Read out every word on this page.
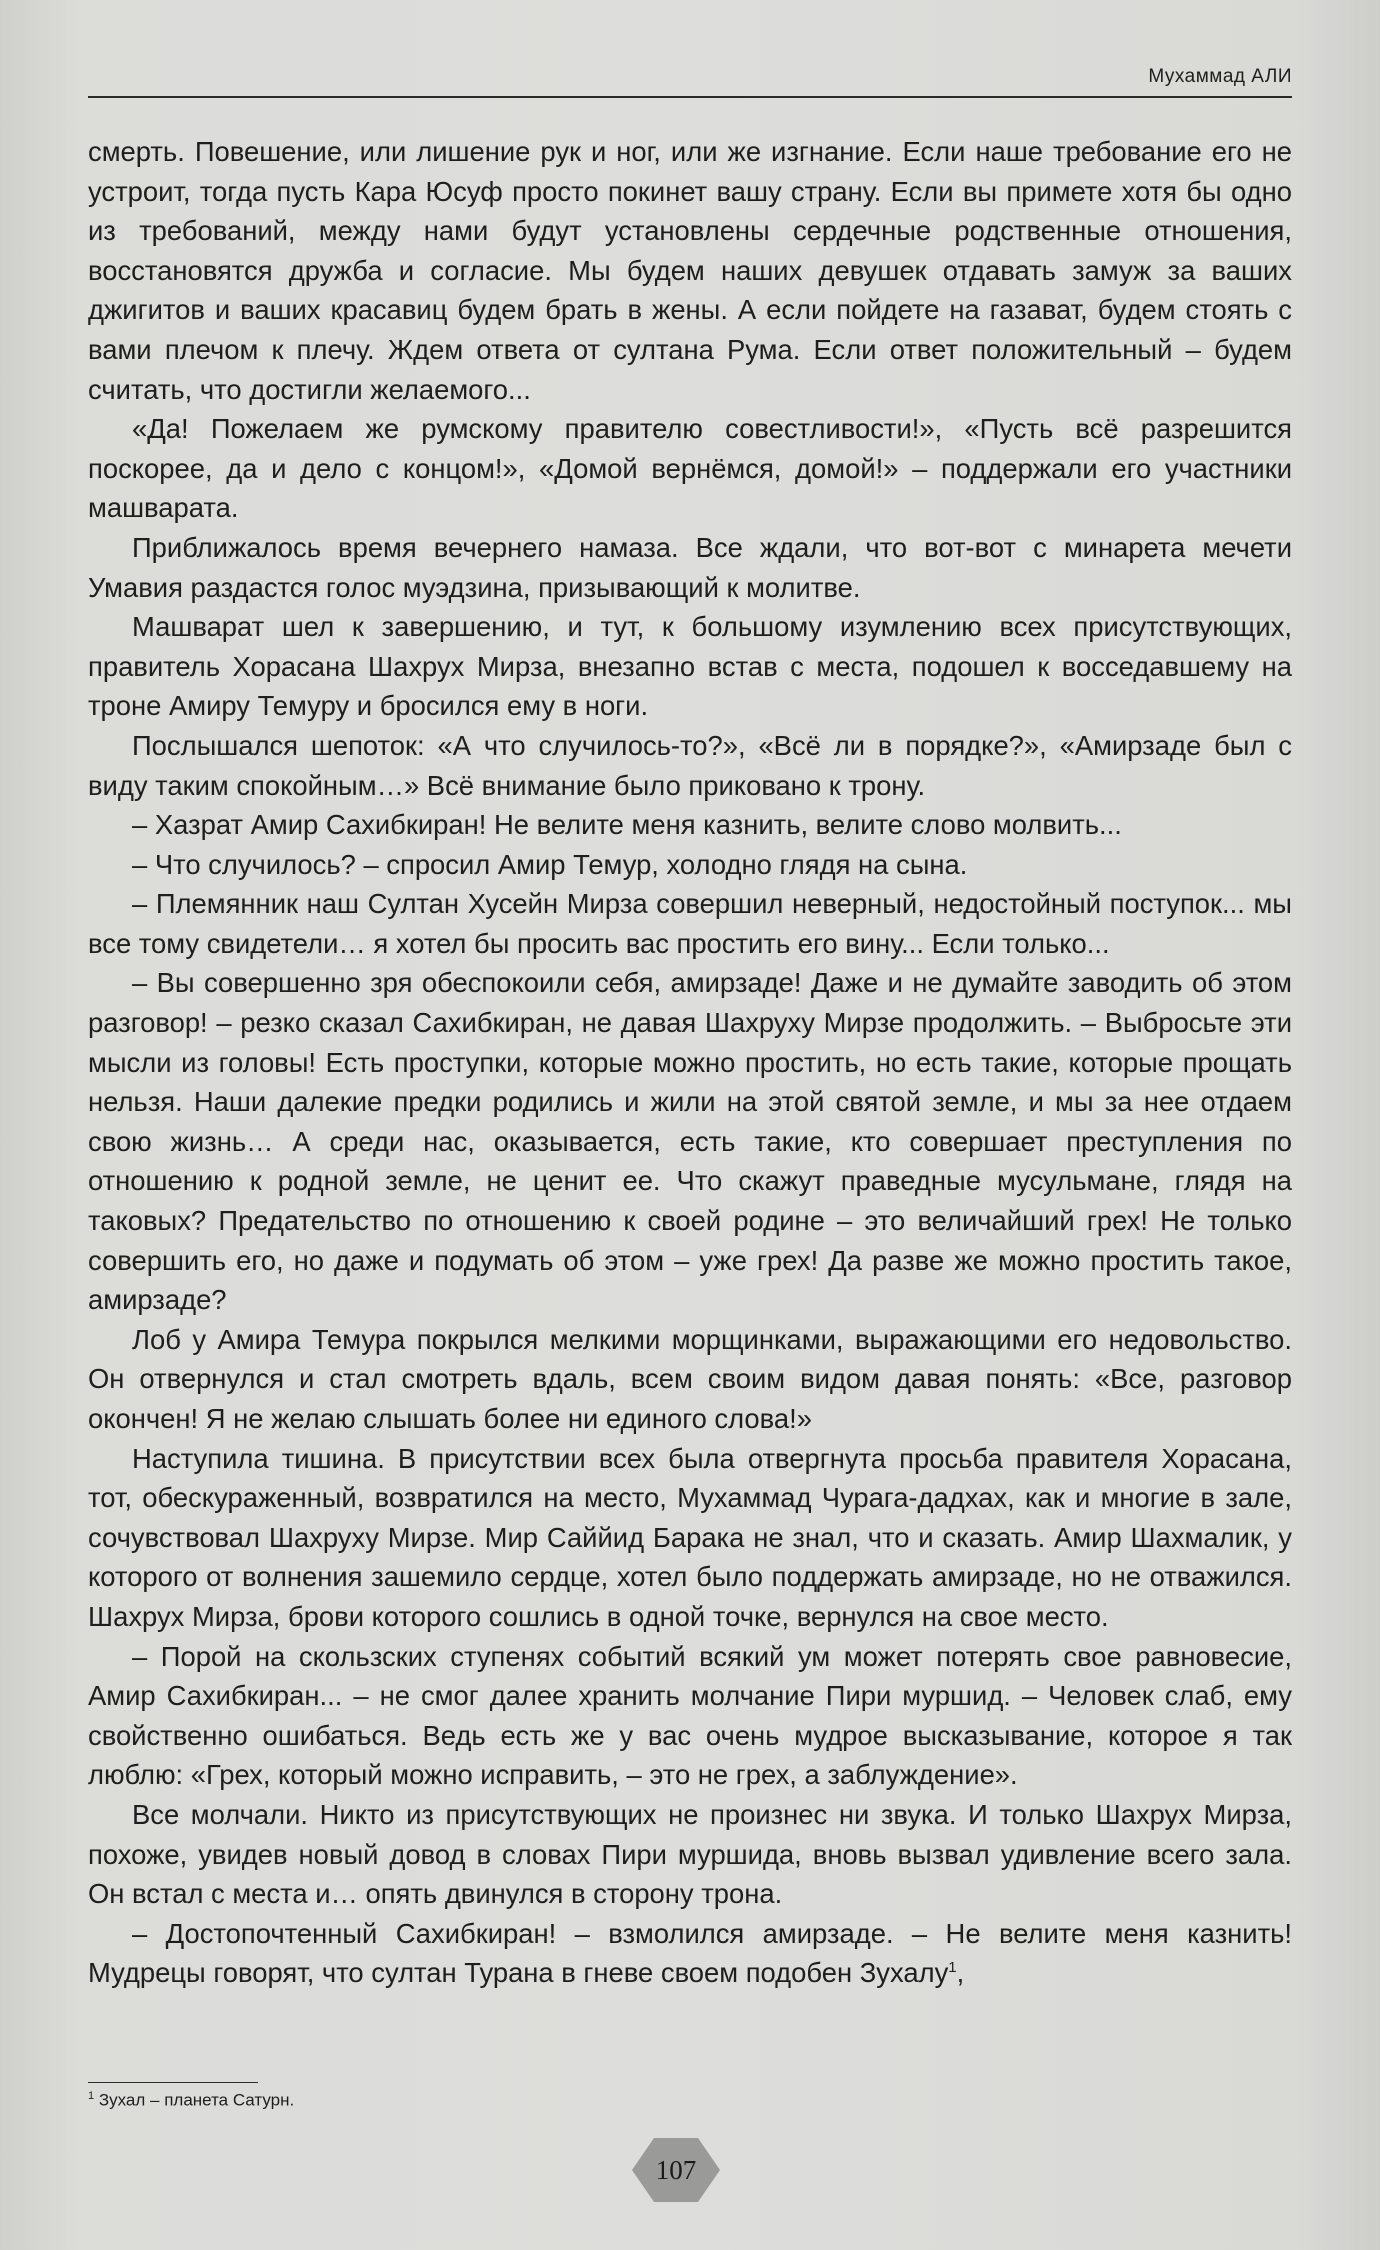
Мухаммад АЛИ

смерть. Повешение, или лишение рук и ног, или же изгнание. Если наше требование его не устроит, тогда пусть Кара Юсуф просто покинет вашу страну. Если вы примете хотя бы одно из требований, между нами будут установлены сердечные родственные отношения, восстановятся дружба и согласие. Мы будем наших девушек отдавать замуж за ваших джигитов и ваших красавиц будем брать в жены. А если пойдете на газават, будем стоять с вами плечом к плечу. Ждем ответа от султана Рума. Если ответ положительный – будем считать, что достигли желаемого...

«Да! Пожелаем же румскому правителю совестливости!», «Пусть всё разрешится поскорее, да и дело с концом!», «Домой вернёмся, домой!» – поддержали его участники машварата.

Приближалось время вечернего намаза. Все ждали, что вот-вот с минарета мечети Умавия раздастся голос муэдзина, призывающий к молитве.

Машварат шел к завершению, и тут, к большому изумлению всех присутствующих, правитель Хорасана Шахрух Мирза, внезапно встав с места, подошел к восседавшему на троне Амиру Темуру и бросился ему в ноги.

Послышался шепоток: «А что случилось-то?», «Всё ли в порядке?», «Амирзаде был с виду таким спокойным…» Всё внимание было приковано к трону.

– Хазрат Амир Сахибкиран! Не велите меня казнить, велите слово молвить...

– Что случилось? – спросил Амир Темур, холодно глядя на сына.

– Племянник наш Султан Хусейн Мирза совершил неверный, недостойный поступок... мы все тому свидетели… я хотел бы просить вас простить его вину... Если только...

– Вы совершенно зря обеспокоили себя, амирзаде! Даже и не думайте заводить об этом разговор! – резко сказал Сахибкиран, не давая Шахруху Мирзе продолжить. – Выбросьте эти мысли из головы! Есть проступки, которые можно простить, но есть такие, которые прощать нельзя. Наши далекие предки родились и жили на этой святой земле, и мы за нее отдаем свою жизнь… А среди нас, оказывается, есть такие, кто совершает преступления по отношению к родной земле, не ценит ее. Что скажут праведные мусульмане, глядя на таковых? Предательство по отношению к своей родине – это величайший грех! Не только совершить его, но даже и подумать об этом – уже грех! Да разве же можно простить такое, амирзаде?

Лоб у Амира Темура покрылся мелкими морщинками, выражающими его недовольство. Он отвернулся и стал смотреть вдаль, всем своим видом давая понять: «Все, разговор окончен! Я не желаю слышать более ни единого слова!»

Наступила тишина. В присутствии всех была отвергнута просьба правителя Хорасана, тот, обескураженный, возвратился на место, Мухаммад Чурага-дадхах, как и многие в зале, сочувствовал Шахруху Мирзе. Мир Саййид Барака не знал, что и сказать. Амир Шахмалик, у которого от волнения зашемило сердце, хотел было поддержать амирзаде, но не отважился. Шахрух Мирза, брови которого сошлись в одной точке, вернулся на свое место.

– Порой на скользских ступенях событий всякий ум может потерять свое равновесие, Амир Сахибкиран... – не смог далее хранить молчание Пири муршид. – Человек слаб, ему свойственно ошибаться. Ведь есть же у вас очень мудрое высказывание, которое я так люблю: «Грех, который можно исправить, – это не грех, а заблуждение».

Все молчали. Никто из присутствующих не произнес ни звука. И только Шахрух Мирза, похоже, увидев новый довод в словах Пири муршида, вновь вызвал удивление всего зала. Он встал с места и… опять двинулся в сторону трона.

– Достопочтенный Сахибкиран! – взмолился амирзаде. – Не велите меня казнить! Мудрецы говорят, что султан Турана в гневе своем подобен Зухалу$^1$,

$^1$ Зухал – планета Сатурн.
107
